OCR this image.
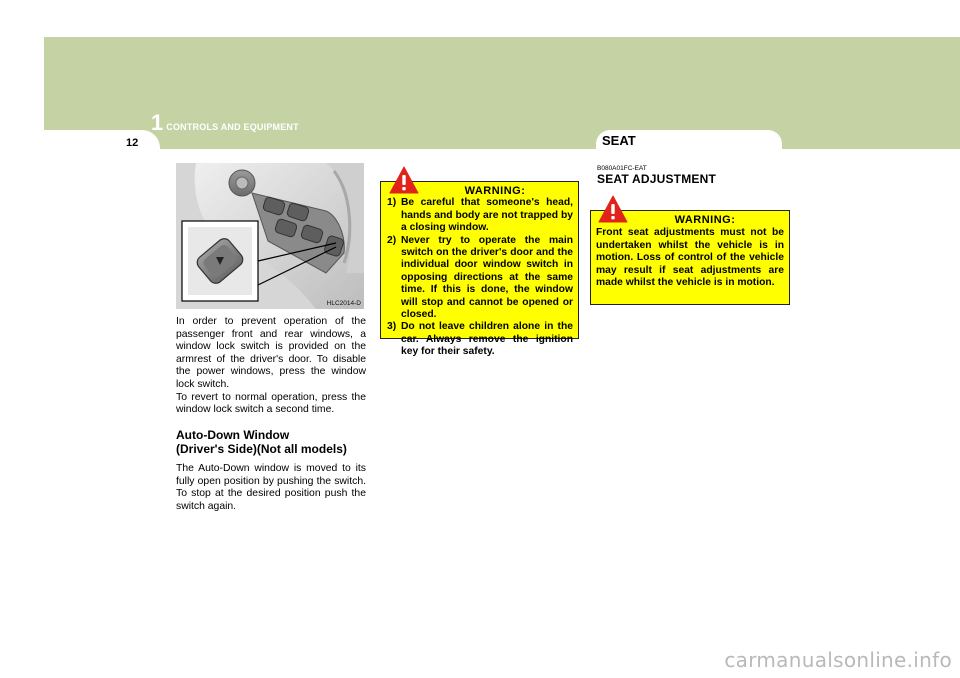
1 CONTROLS AND EQUIPMENT
12	SEAT
HLC2014-D

In order to prevent operation of the passenger front and rear windows, a window lock switch is provided on the armrest of the driver's door. To disable the power windows, press the window lock switch.

To revert to normal operation, press the window lock switch a second time.

Auto-Down Window
(Driver's Side)(Not all models)

The Auto-Down window is moved to its fully open position by pushing the switch. To stop at the desired position push the switch again.

WARNING:
1) Be careful that someone's head, hands and body are not trapped by a closing window.
2) Never try to operate the main switch on the driver's door and the individual door window switch in opposing directions at the same time. If this is done, the window will stop and cannot be opened or closed.
3) Do not leave children alone in the car. Always remove the ignition key for their safety.
B080A01FC-EAT
SEAT ADJUSTMENT
WARNING:
Front seat adjustments must not be undertaken whilst the vehicle is in motion. Loss of control of the vehicle may result if seat adjustments are made whilst the vehicle is in motion.
carmanualsonline.info
